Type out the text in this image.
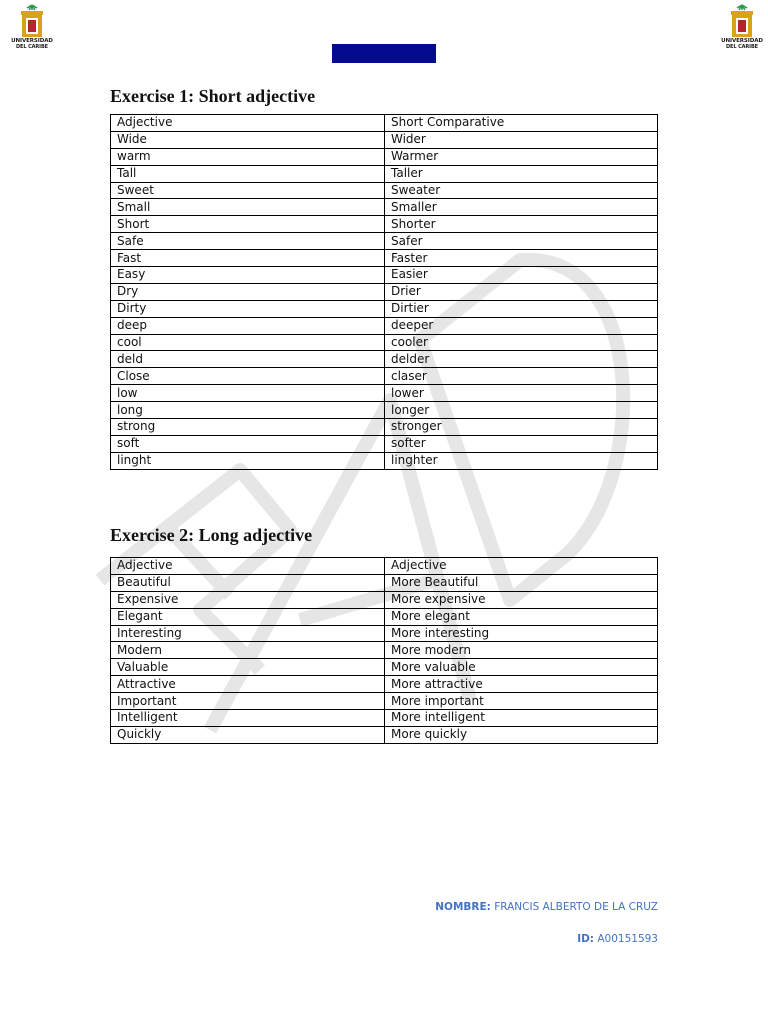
UNIVERSIDAD
DEL CARIBE
UNIVERSIDAD
DEL CARIBE
Exercise 1: Short adjective
Adjective	Short Comparative
Wide	Wider
warm	Warmer
Tall	Taller
Sweet	Sweater
Small	Smaller
Short	Shorter
Safe	Safer
Fast	Faster
Easy	Easier
Dry	Drier
Dirty	Dirtier
deep	deeper
cool	cooler
deld	delder
Close	claser
low	lower
long	longer
strong	stronger
soft	softer
linght	linghter
Exercise 2: Long adjective
Adjective	Adjective
Beautiful	More Beautiful
Expensive	More expensive
Elegant	More elegant
Interesting	More interesting
Modern	More modern
Valuable	More valuable
Attractive	More attractive
Important	More important
Intelligent	More intelligent
Quickly	More quickly
NOMBRE: FRANCIS ALBERTO DE LA CRUZ
ID: A00151593
